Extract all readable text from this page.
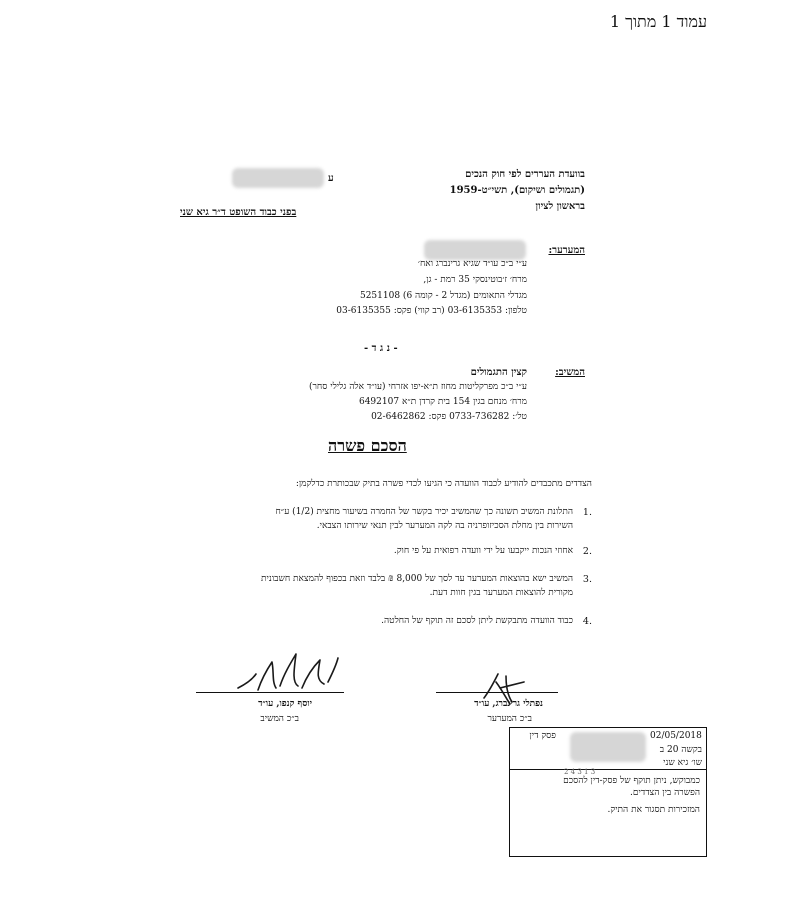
עמוד 1 מתוך 1
בוועדת העררים לפי חוק הנכים
(תגמולים ושיקום), תשי״ט-1959
בראשון לציון
ע
בפני כבוד השופט ד״ר גיא שני
המערער:
ע״י ב״כ עו״ד שגיא גרינברג ואח׳
מרח׳ ז׳בוטינסקי 35 רמת - גן,
מגדלי התאומים (מגדל 2 - קומה 6) 5251108
טלפון: 03-6135353 (רב קווי) פקס: 03-6135355
- נ ג ד -
המשיב:
קצין התגמולים
ע״י ב״כ מפרקליטות מחוז ת״א-יפו אזרחי (עו״ד אלה גלילי סחר)
מרח׳ מנחם בגין 154 בית קרדן ת״א 6492107
טל׳: 0733-736282 פקס: 02-6462862
הסכם פשרה
הצדדים מתכבדים להודיע לכבוד הוועדה כי הגיעו לכדי פשרה בתיק שבכותרת כדלקמן:
1.
התלונת המשיב תשונה כך שהמשיב יכיר בקשר של החמרה בשיעור מחצית (1/2) ע״ח
השירות בין מחלת הסכיזופרניה בה לקה המערער לבין תנאי שירותו הצבאי.
2.
אחוזי הנכות ייקבעו על ידי וועדה רפואית על פי חוק.
3.
המשיב ישא בהוצאות המערער עד לסך של 8,000 ₪ בלבד וזאת בכפוף להמצאת חשבונית
מקורית להוצאות המערער בגין חוות דעת.
4.
כבוד הוועדה מתבקשת ליתן לסכם זה תוקף של החלטה.
יוסף קנפו, עו״ד
ב״כ המשיב
נפתלי גרינברג, עו״ד
ב״כ המערער
02/05/2018
פסק דין
בקשה 20 ב
שו׳ גיא שני
2 4 3 1 3
כמבוקש, ניתן תוקף של פסק-דין להסכם
הפשרה בין הצדדים.
המזכירות תסגור את התיק.
